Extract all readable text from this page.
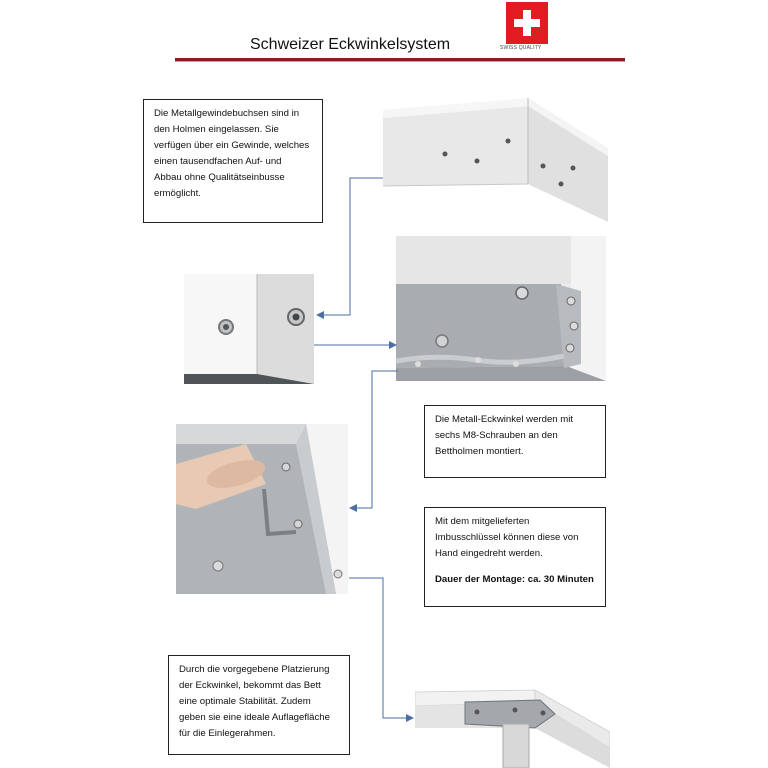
Schweizer Eckwinkelsystem	SWISS QUALITY

Die Metallgewindebuchsen sind in

den Holmen eingelassen. Sie

verfügen über ein Gewinde, welches

einen tausendfachen Auf- und

Abbau ohne Qualitätseinbusse

ermöglicht.

Die Metall-Eckwinkel werden mit

sechs M8-Schrauben an den

Bettholmen montiert.

Mit dem mitgelieferten

Imbusschlüssel können diese von

Hand eingedreht werden.

Dauer der Montage: ca. 30 Minuten

Durch die vorgegebene Platzierung

der Eckwinkel, bekommt das Bett

eine optimale Stabilität. Zudem

geben sie eine ideale Auflagefläche

für die Einlegerahmen.
